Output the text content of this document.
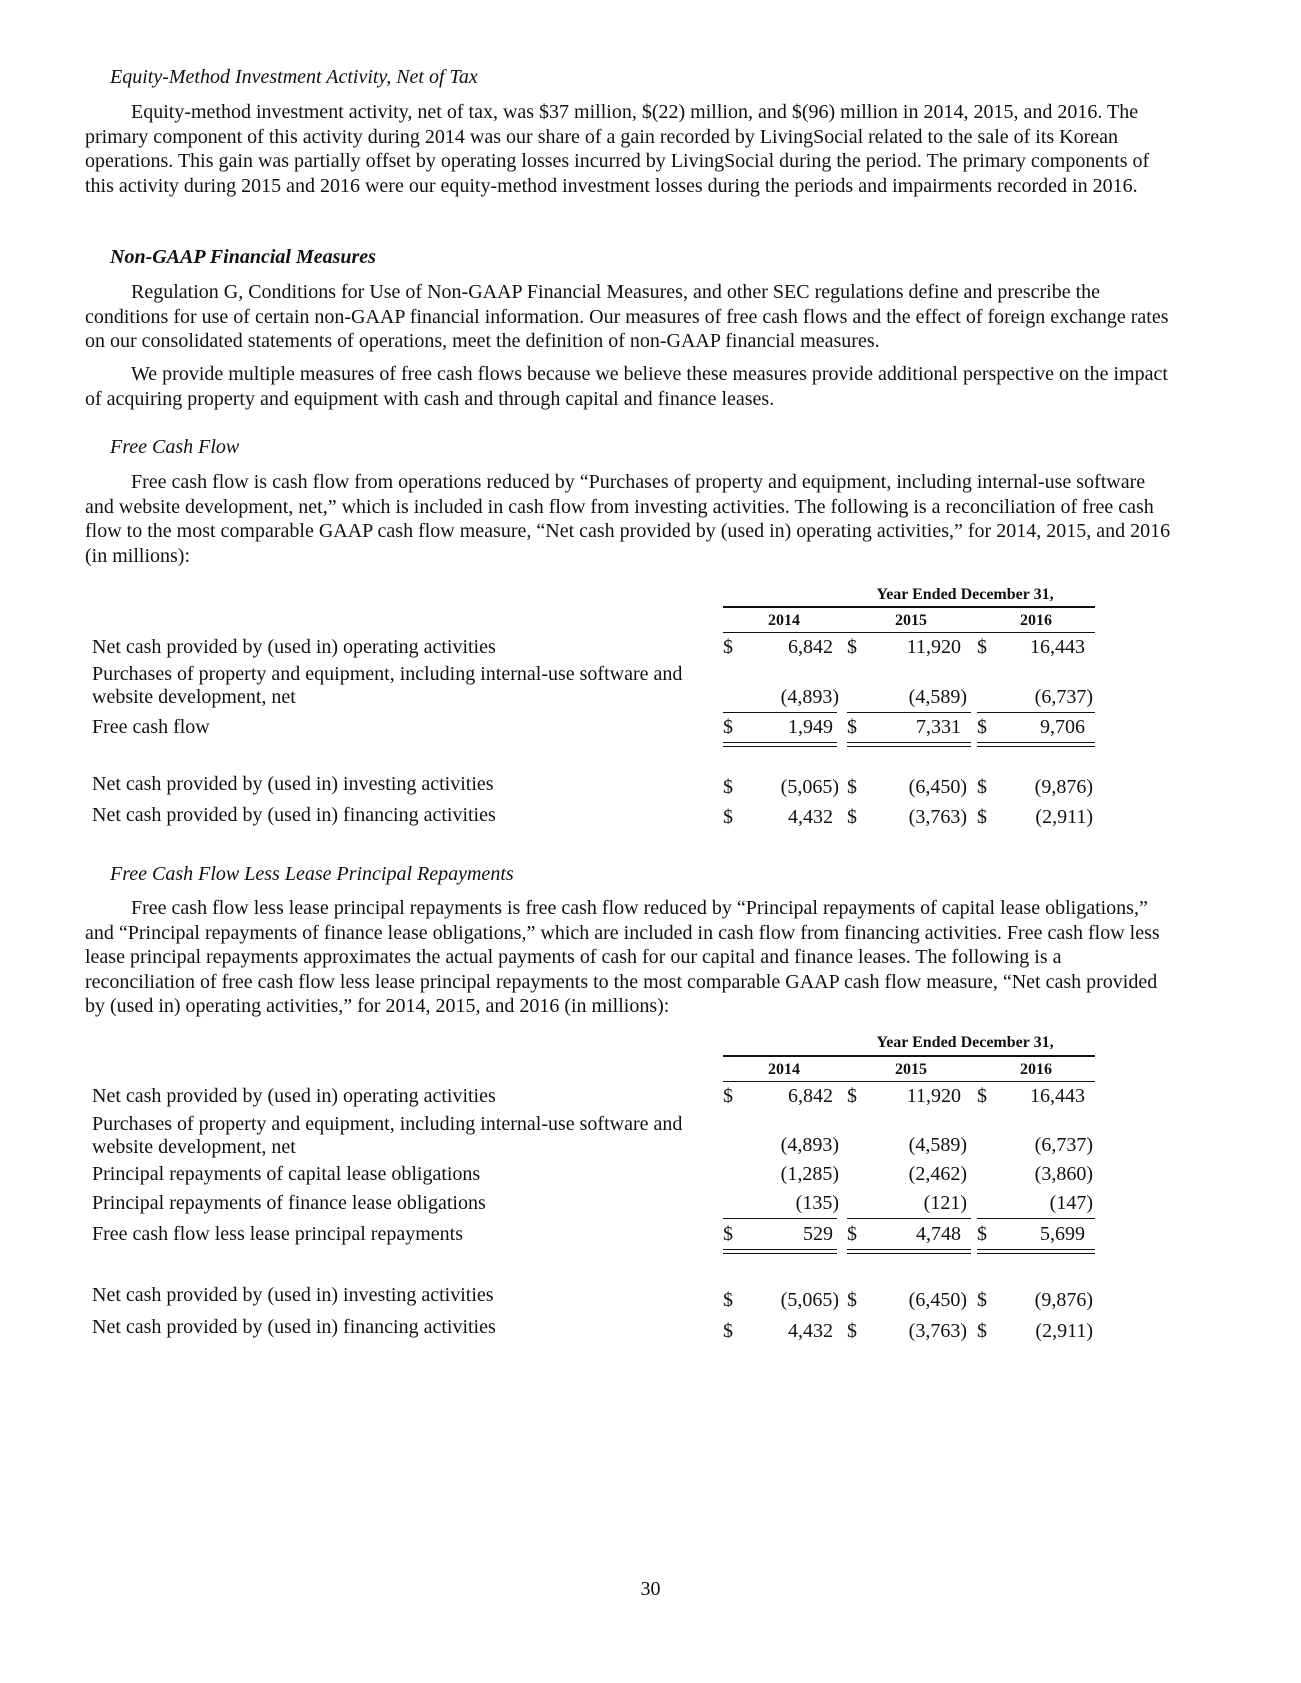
Equity-Method Investment Activity, Net of Tax

Equity-method investment activity, net of tax, was $37 million, $(22) million, and $(96) million in 2014, 2015, and 2016. The primary component of this activity during 2014 was our share of a gain recorded by LivingSocial related to the sale of its Korean operations. This gain was partially offset by operating losses incurred by LivingSocial during the period. The primary components of this activity during 2015 and 2016 were our equity-method investment losses during the periods and impairments recorded in 2016.

Non-GAAP Financial Measures

Regulation G, Conditions for Use of Non-GAAP Financial Measures, and other SEC regulations define and prescribe the conditions for use of certain non-GAAP financial information. Our measures of free cash flows and the effect of foreign exchange rates on our consolidated statements of operations, meet the definition of non-GAAP financial measures.

We provide multiple measures of free cash flows because we believe these measures provide additional perspective on the impact of acquiring property and equipment with cash and through capital and finance leases.

Free Cash Flow

Free cash flow is cash flow from operations reduced by “Purchases of property and equipment, including internal-use software and website development, net,” which is included in cash flow from investing activities. The following is a reconciliation of free cash flow to the most comparable GAAP cash flow measure, “Net cash provided by (used in) operating activities,” for 2014, 2015, and 2016 (in millions):

Year Ended December 31,
2014	2015	2016
Net cash provided by (used in) operating activities	$	6,842 $	11,920 $	16,443
Purchases of property and equipment, including internal-use software and website development, net	(4,893)	(4,589)	(6,737)
Free cash flow	$	1,949 $	7,331 $	9,706
Net cash provided by (used in) investing activities	$	(5,065) $	(6,450) $	(9,876)
Net cash provided by (used in) financing activities	$	4,432 $	(3,763) $	(2,911)
Free Cash Flow Less Lease Principal Repayments

Free cash flow less lease principal repayments is free cash flow reduced by “Principal repayments of capital lease obligations,” and “Principal repayments of finance lease obligations,” which are included in cash flow from financing activities. Free cash flow less lease principal repayments approximates the actual payments of cash for our capital and finance leases. The following is a reconciliation of free cash flow less lease principal repayments to the most comparable GAAP cash flow measure, “Net cash provided by (used in) operating activities,” for 2014, 2015, and 2016 (in millions):

Year Ended December 31,
2014	2015	2016
Net cash provided by (used in) operating activities	$	6,842 $	11,920 $	16,443
Purchases of property and equipment, including internal-use software and website development, net	(4,893)	(4,589)	(6,737)
Principal repayments of capital lease obligations	(1,285)	(2,462)	(3,860)
Principal repayments of finance lease obligations	(135)	(121)	(147)
Free cash flow less lease principal repayments	$	529 $	4,748 $	5,699
Net cash provided by (used in) investing activities	$	(5,065) $	(6,450) $	(9,876)
Net cash provided by (used in) financing activities	$	4,432 $	(3,763) $	(2,911)
30
